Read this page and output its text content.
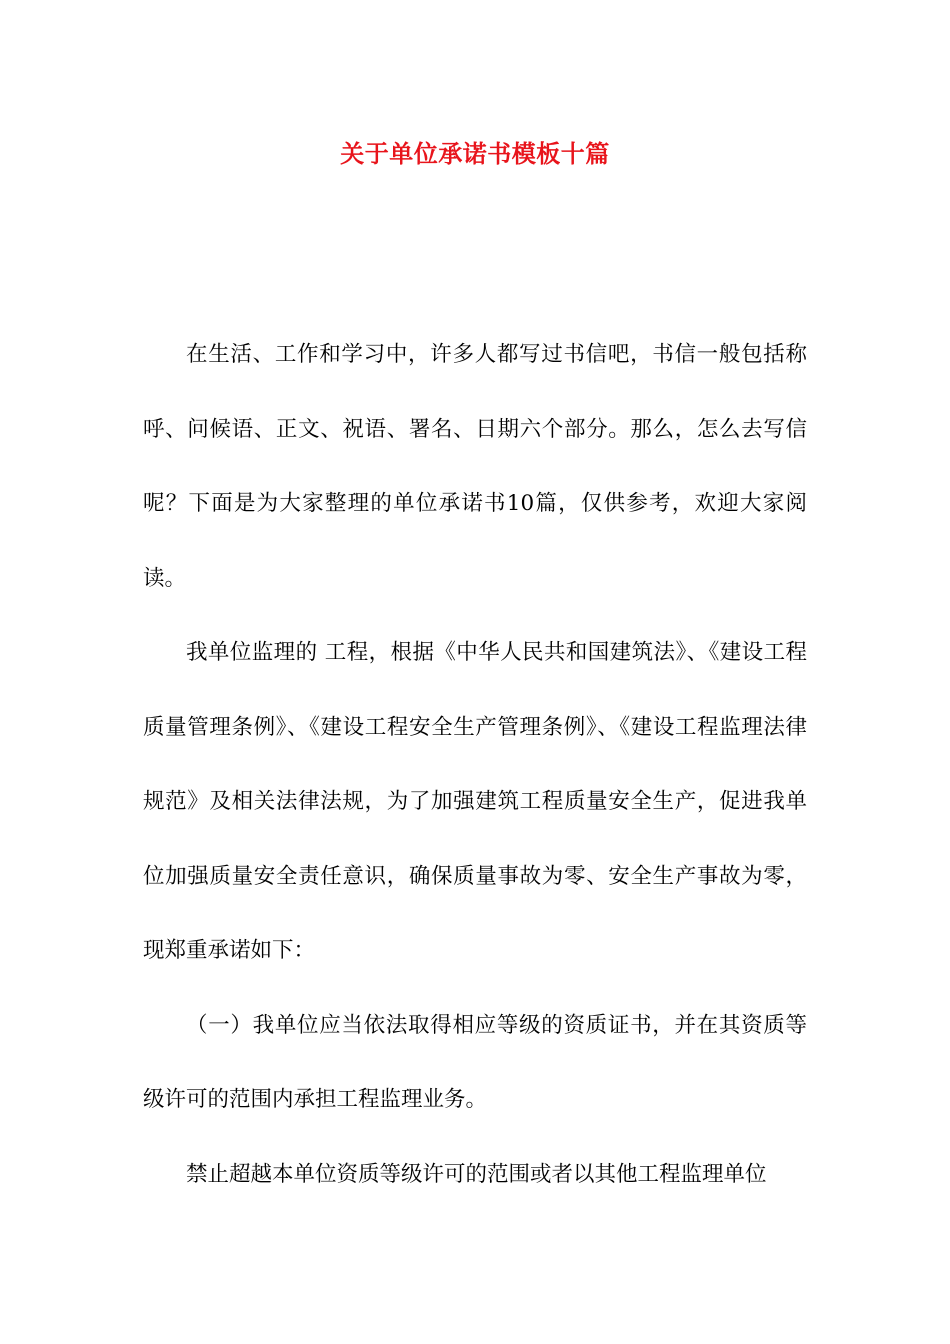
关于单位承诺书模板十篇

在生活、工作和学习中，许多人都写过书信吧，书信一般包括称呼、问候语、正文、祝语、署名、日期六个部分。那么，怎么去写信呢？下面是为大家整理的单位承诺书10篇，仅供参考，欢迎大家阅读。

我单位监理的 工程，根据《中华人民共和国建筑法》、《建设工程质量管理条例》、《建设工程安全生产管理条例》、《建设工程监理法律规范》及相关法律法规，为了加强建筑工程质量安全生产，促进我单位加强质量安全责任意识，确保质量事故为零、安全生产事故为零，现郑重承诺如下：

（一）我单位应当依法取得相应等级的资质证书，并在其资质等级许可的范围内承担工程监理业务。

禁止超越本单位资质等级许可的范围或者以其他工程监理单位
